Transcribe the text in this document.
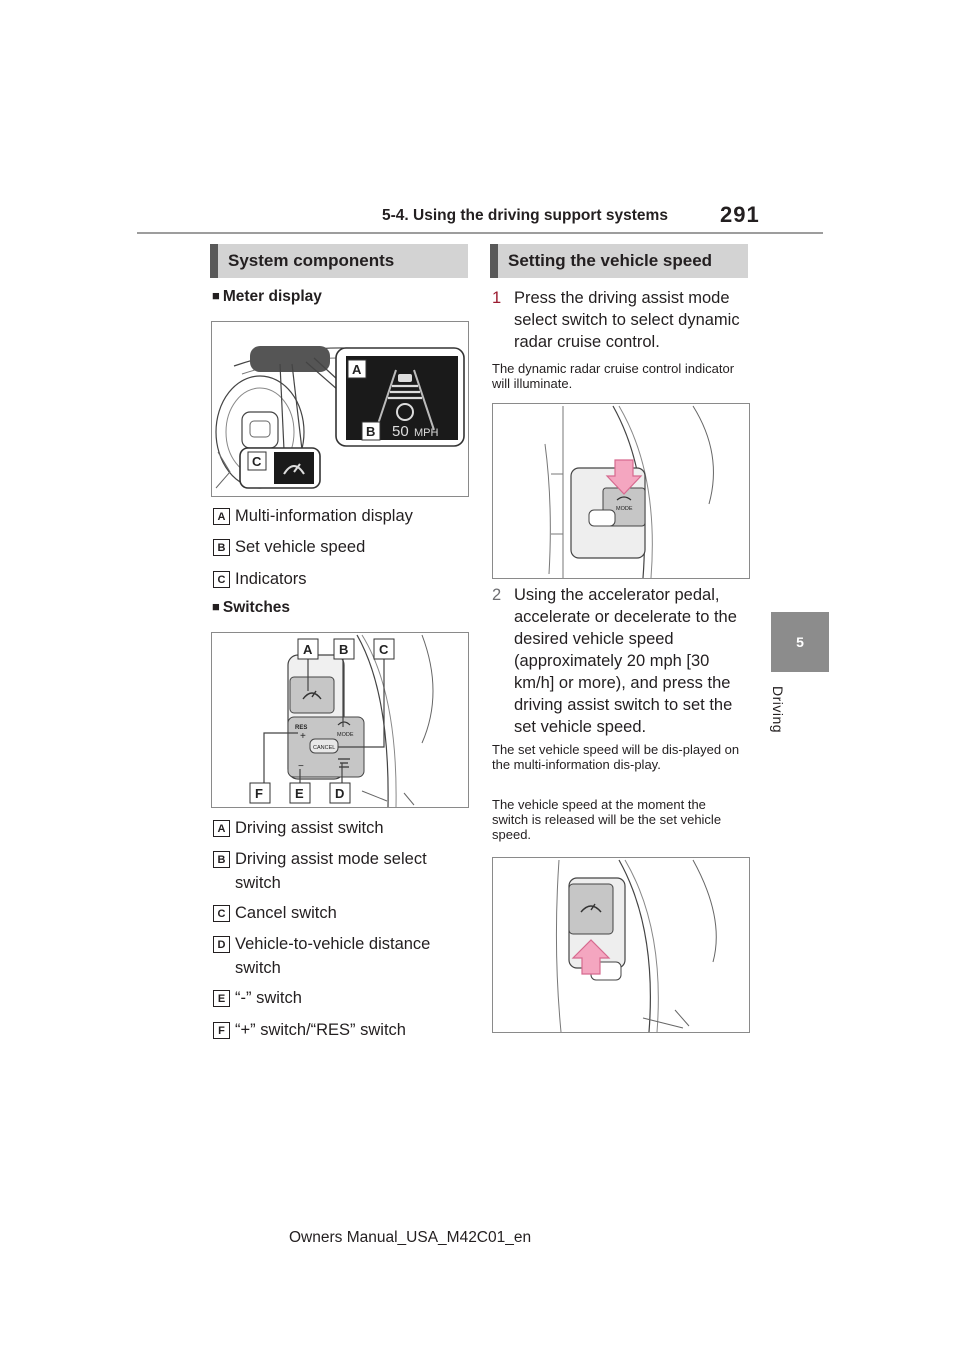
5-4. Using the driving support systems 291
5
Driving
System components
■ Meter display
50 MPH
A
B
C
A Multi-information display
B Set vehicle speed
C Indicators
■ Switches
RES
+
−
MODE
CANCEL
A B C
F E D
A Driving assist switch
B Driving assist mode select switch
C Cancel switch
D Vehicle-to-vehicle distance switch
E “-” switch
F “+” switch/“RES” switch
Setting the vehicle speed
1 Press the driving assist mode select switch to select dynamic radar cruise control.
The dynamic radar cruise control indicator will illuminate.
MODE
2 Using the accelerator pedal, accelerate or decelerate to the desired vehicle speed (approximately 20 mph [30 km/h] or more), and press the driving assist switch to set the set vehicle speed.
The set vehicle speed will be dis-played on the multi-information dis-play.
The vehicle speed at the moment the switch is released will be the set vehicle speed.
Owners Manual_USA_M42C01_en
